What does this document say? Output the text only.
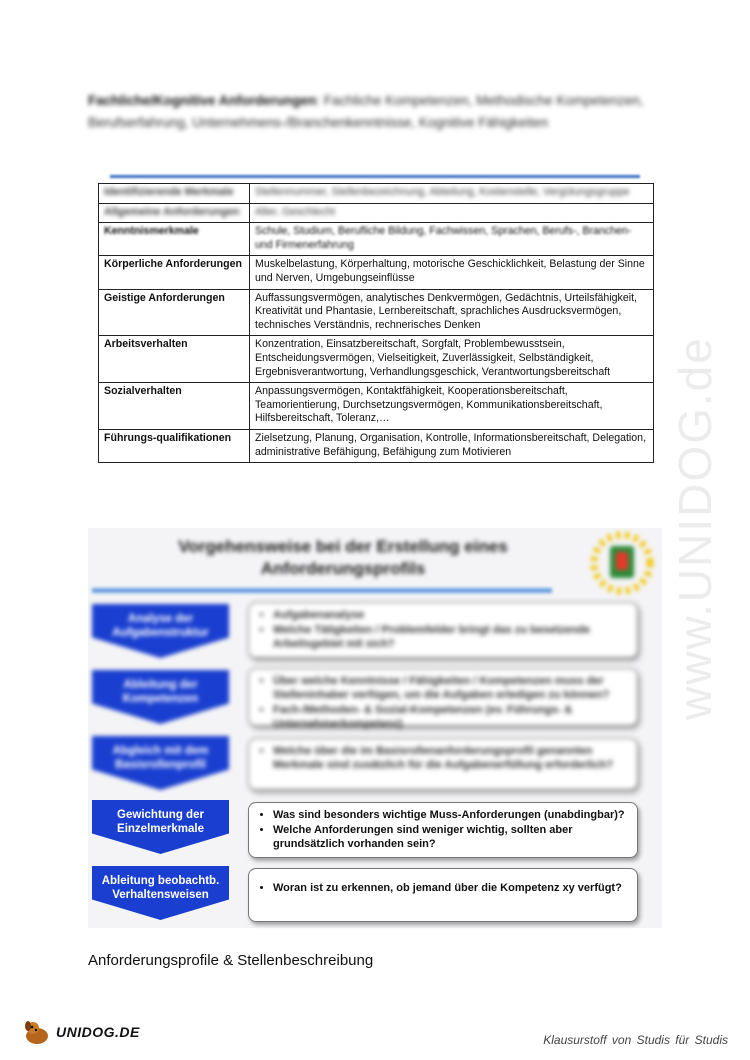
Fachliche/Kognitive Anforderungen: Fachliche Kompetenzen, Methodische Kompetenzen, Berufserfahrung, Unternehmens-/Branchenkenntnisse, Kognitive Fähigkeiten
Identifizierende Merkmale	Stellennummer, Stellenbezeichnung, Abteilung, Kostenstelle, Vergütungsgruppe
Allgemeine Anforderungen	Alter, Geschlecht
Kenntnismerkmale	Schule, Studium, Berufliche Bildung, Fachwissen, Sprachen, Berufs-, Branchen- und Firmenerfahrung
Körperliche Anforderungen	Muskelbelastung, Körperhaltung, motorische Geschicklichkeit, Belastung der Sinne und Nerven, Umgebungseinflüsse
Geistige Anforderungen	Auffassungsvermögen, analytisches Denkvermögen, Gedächtnis, Urteilsfähigkeit, Kreativität und Phantasie, Lernbereitschaft, sprachliches Ausdrucksvermögen, technisches Verständnis, rechnerisches Denken
Arbeitsverhalten	Konzentration, Einsatzbereitschaft, Sorgfalt, Problembewusstsein, Entscheidungsvermögen, Vielseitigkeit, Zuverlässigkeit, Selbständigkeit, Ergebnisverantwortung, Verhandlungsgeschick, Verantwortungsbereitschaft
Sozialverhalten	Anpassungsvermögen, Kontaktfähigkeit, Kooperationsbereitschaft, Teamorientierung, Durchsetzungsvermögen, Kommunikationsbereitschaft, Hilfsbereitschaft, Toleranz,…
Führungs-qualifikationen	Zielsetzung, Planung, Organisation, Kontrolle, Informationsbereitschaft, Delegation, administrative Befähigung, Befähigung zum Motivieren	www.UNIDOG.de
Vorgehensweise bei der Erstellung eines Anforderungsprofils
Analyse der Aufgabenstruktur
• Aufgabenanalyse
• Welche Tätigkeiten / Problemfelder bringt das zu besetzende Arbeitsgebiet mit sich?
Ableitung der Kompetenzen
• Über welche Kenntnisse / Fähigkeiten / Kompetenzen muss der Stelleninhaber verfügen, um die Aufgaben erledigen zu können?
• Fach-/Methoden- & Sozial-Kompetenzen (ev. Führungs- & Unternehmerkompetenz)
Abgleich mit dem Basisrollenprofil
• Welche über die im Basisrollenanforderungsprofil genannten Merkmale sind zusätzlich für die Aufgabenerfüllung erforderlich?
Gewichtung der Einzelmerkmale
• Was sind besonders wichtige Muss-Anforderungen (unabdingbar)?
• Welche Anforderungen sind weniger wichtig, sollten aber grundsätzlich vorhanden sein?
Ableitung beobachtb. Verhaltensweisen
• Woran ist zu erkennen, ob jemand über die Kompetenz xy verfügt?
Anforderungsprofile & Stellenbeschreibung
UNIDOG.DE	Klausurstoff von Studis für Studis
